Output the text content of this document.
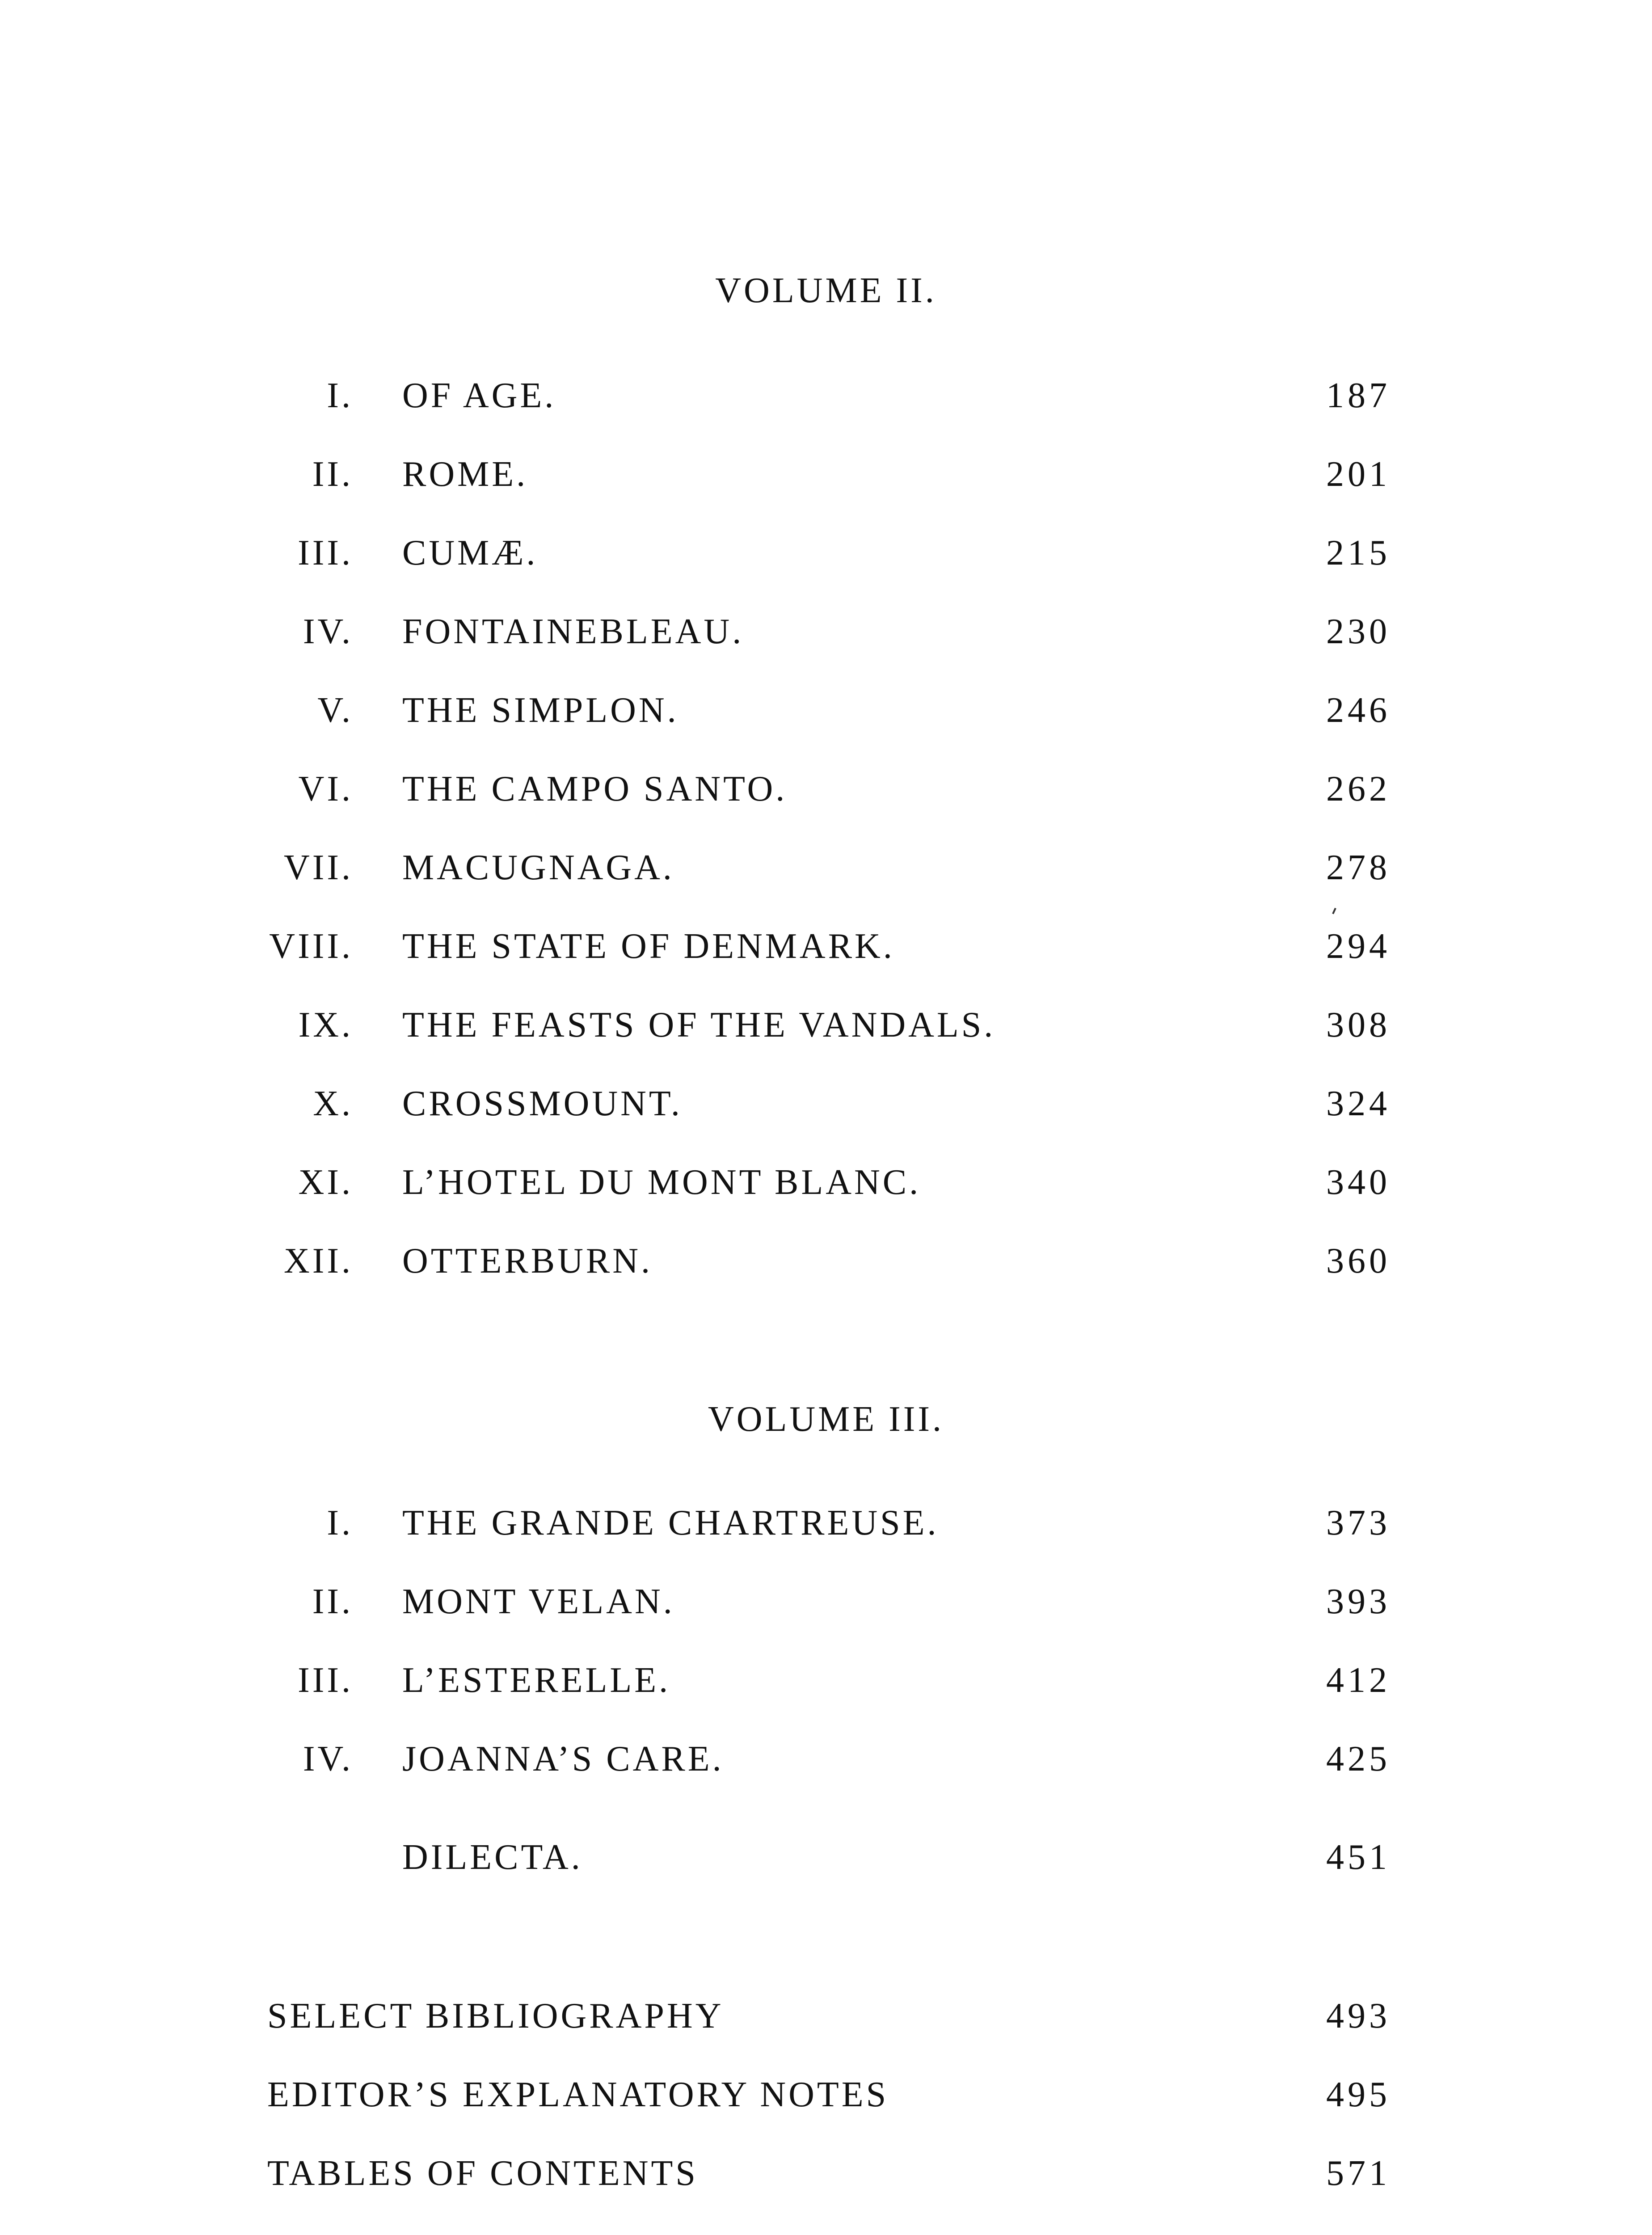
VOLUME II.
I. OF AGE.	187
II. ROME.	201
III. CUMÆ.	215
IV. FONTAINEBLEAU.	230
V. THE SIMPLON.	246
VI. THE CAMPO SANTO.	262
VII. MACUGNAGA.	278
VIII. THE STATE OF DENMARK.	294
IX. THE FEASTS OF THE VANDALS.	308
X. CROSSMOUNT.	324
XI. L’HOTEL DU MONT BLANC.	340
XII. OTTERBURN.	360
VOLUME III.
I. THE GRANDE CHARTREUSE.	373
II. MONT VELAN.	393
III. L’ESTERELLE.	412
IV. JOANNA’S CARE.	425
DILECTA.	451
SELECT BIBLIOGRAPHY	493
EDITOR’S EXPLANATORY NOTES	495
TABLES OF CONTENTS	571
